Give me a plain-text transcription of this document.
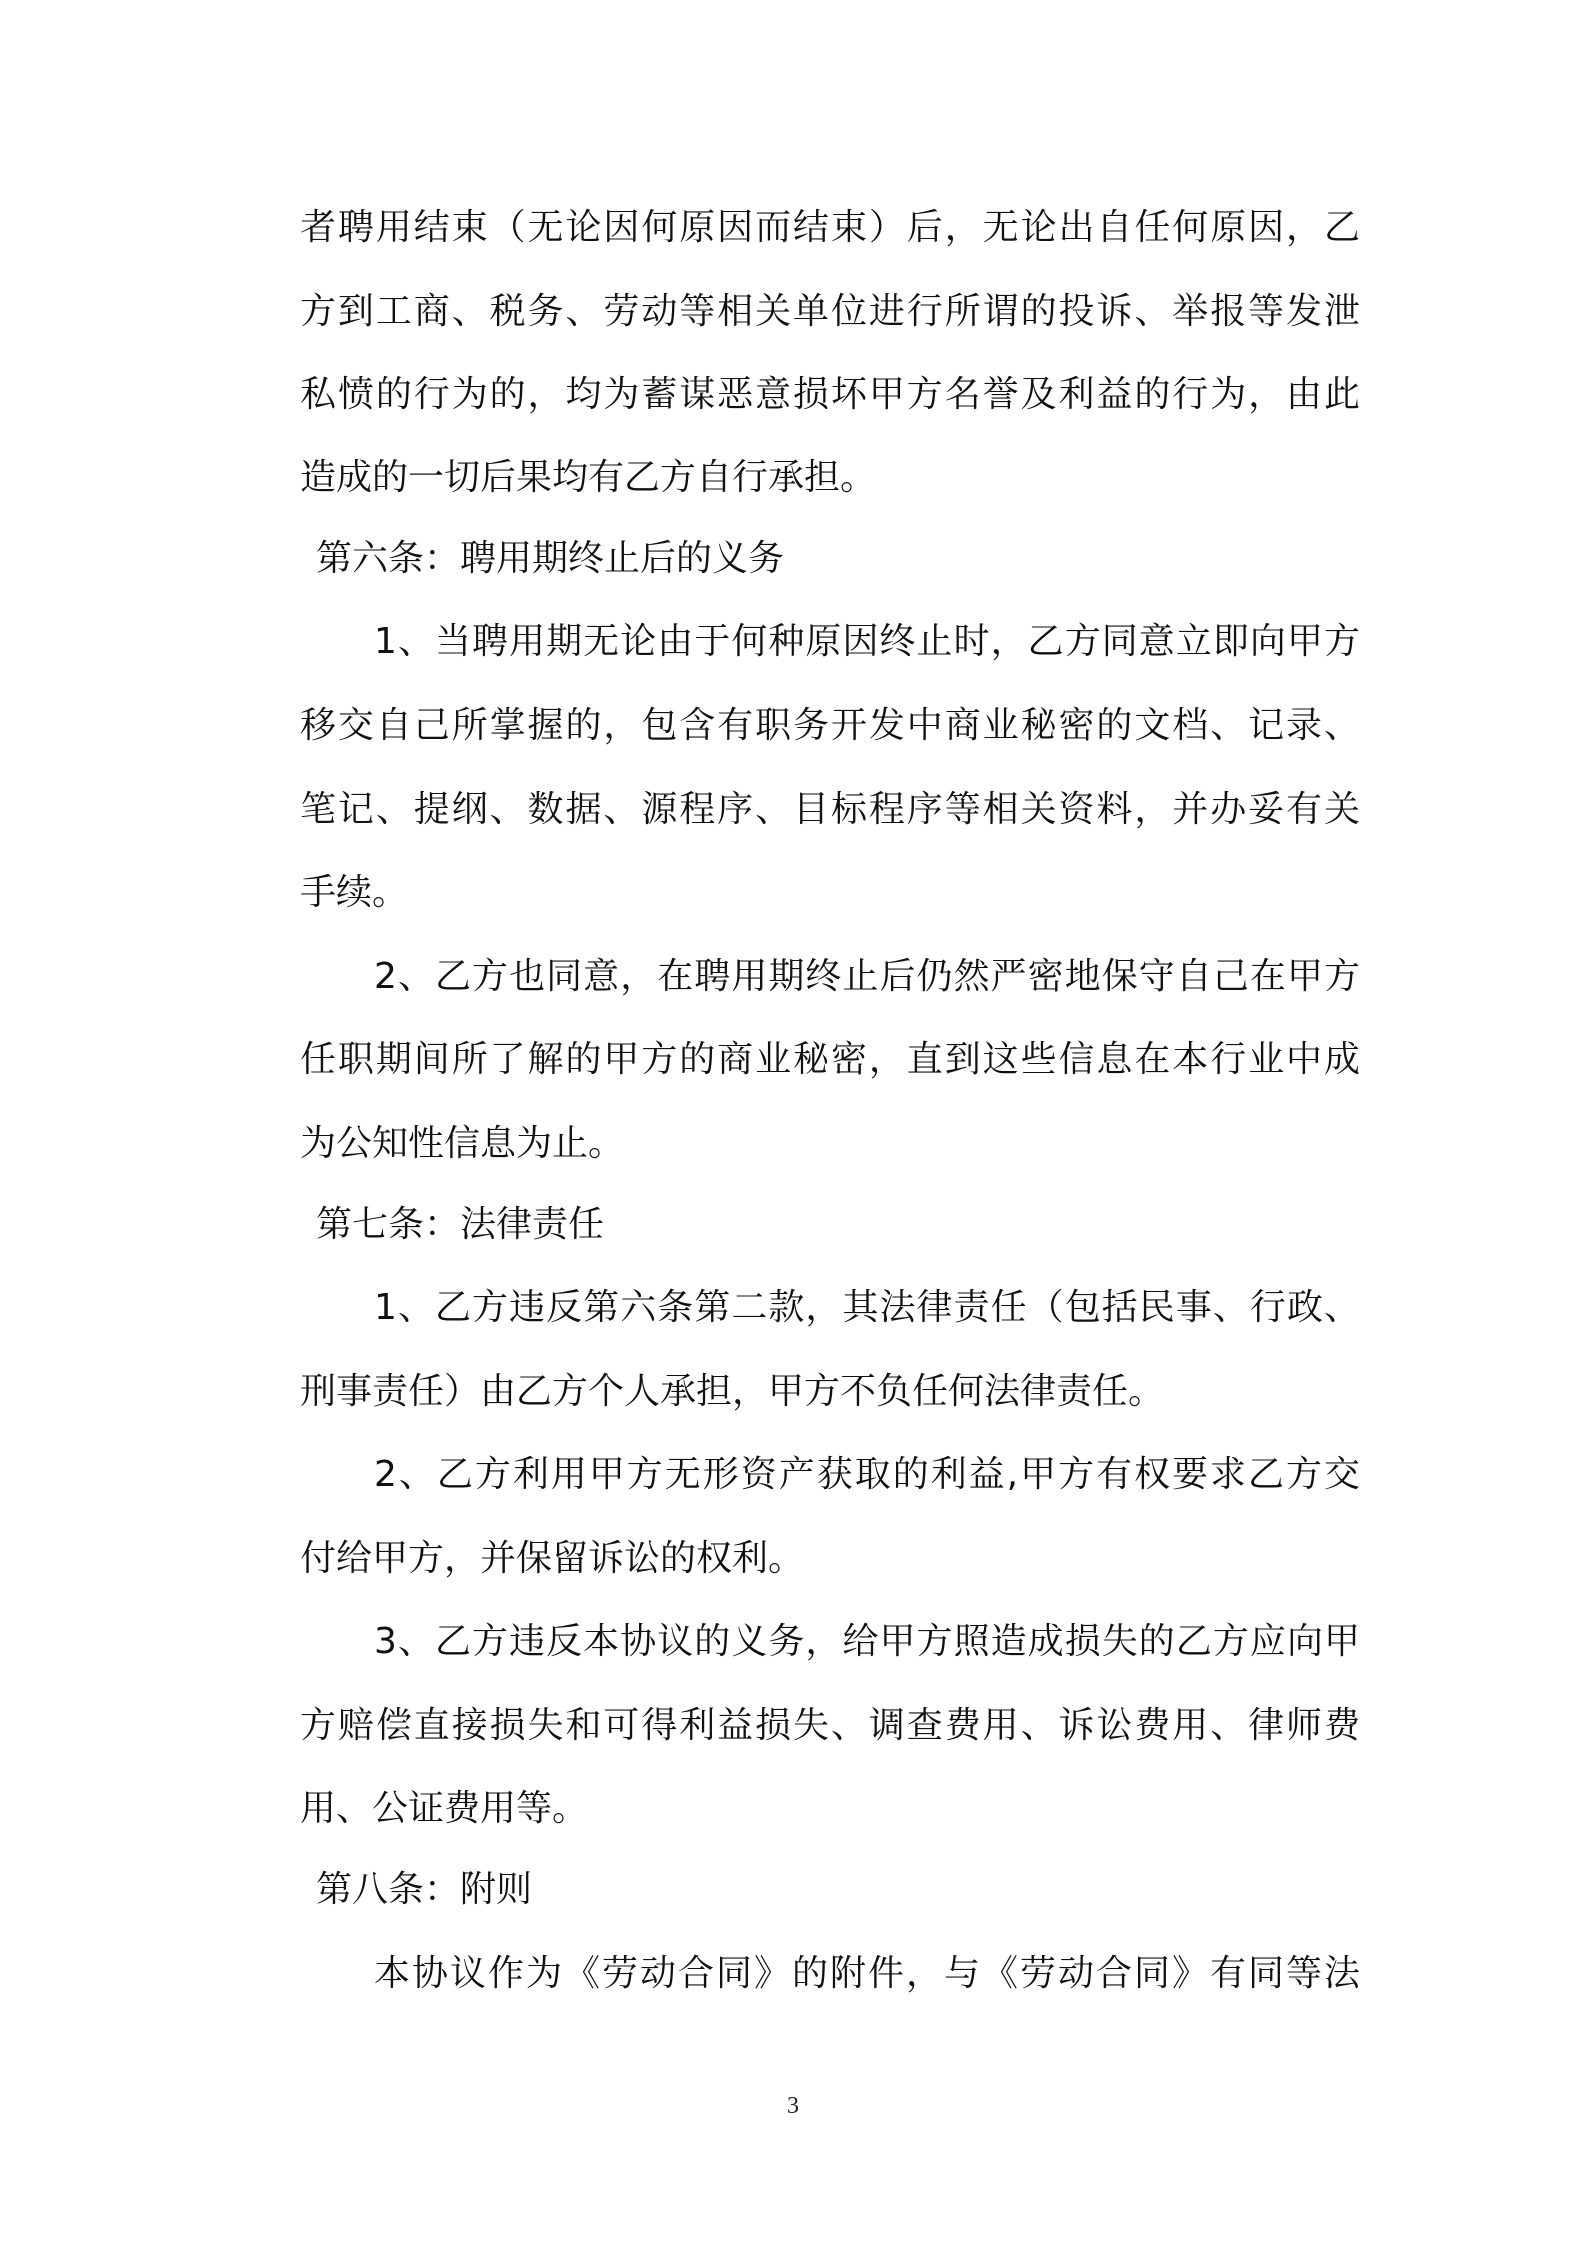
者聘用结束（无论因何原因而结束）后，无论出自任何原因，乙
方到工商、税务、劳动等相关单位进行所谓的投诉、举报等发泄
私愤的行为的，均为蓄谋恶意损坏甲方名誉及利益的行为，由此
造成的一切后果均有乙方自行承担。
第六条：聘用期终止后的义务
1、当聘用期无论由于何种原因终止时，乙方同意立即向甲方
移交自己所掌握的，包含有职务开发中商业秘密的文档、记录、
笔记、提纲、数据、源程序、目标程序等相关资料，并办妥有关
手续。
2、乙方也同意，在聘用期终止后仍然严密地保守自己在甲方
任职期间所了解的甲方的商业秘密，直到这些信息在本行业中成
为公知性信息为止。
第七条：法律责任
1、乙方违反第六条第二款，其法律责任（包括民事、行政、
刑事责任）由乙方个人承担，甲方不负任何法律责任。
2、乙方利用甲方无形资产获取的利益,甲方有权要求乙方交
付给甲方，并保留诉讼的权利。
3、乙方违反本协议的义务，给甲方照造成损失的乙方应向甲
方赔偿直接损失和可得利益损失、调查费用、诉讼费用、律师费
用、公证费用等。
第八条：附则
本协议作为《劳动合同》的附件，与《劳动合同》有同等法
3
